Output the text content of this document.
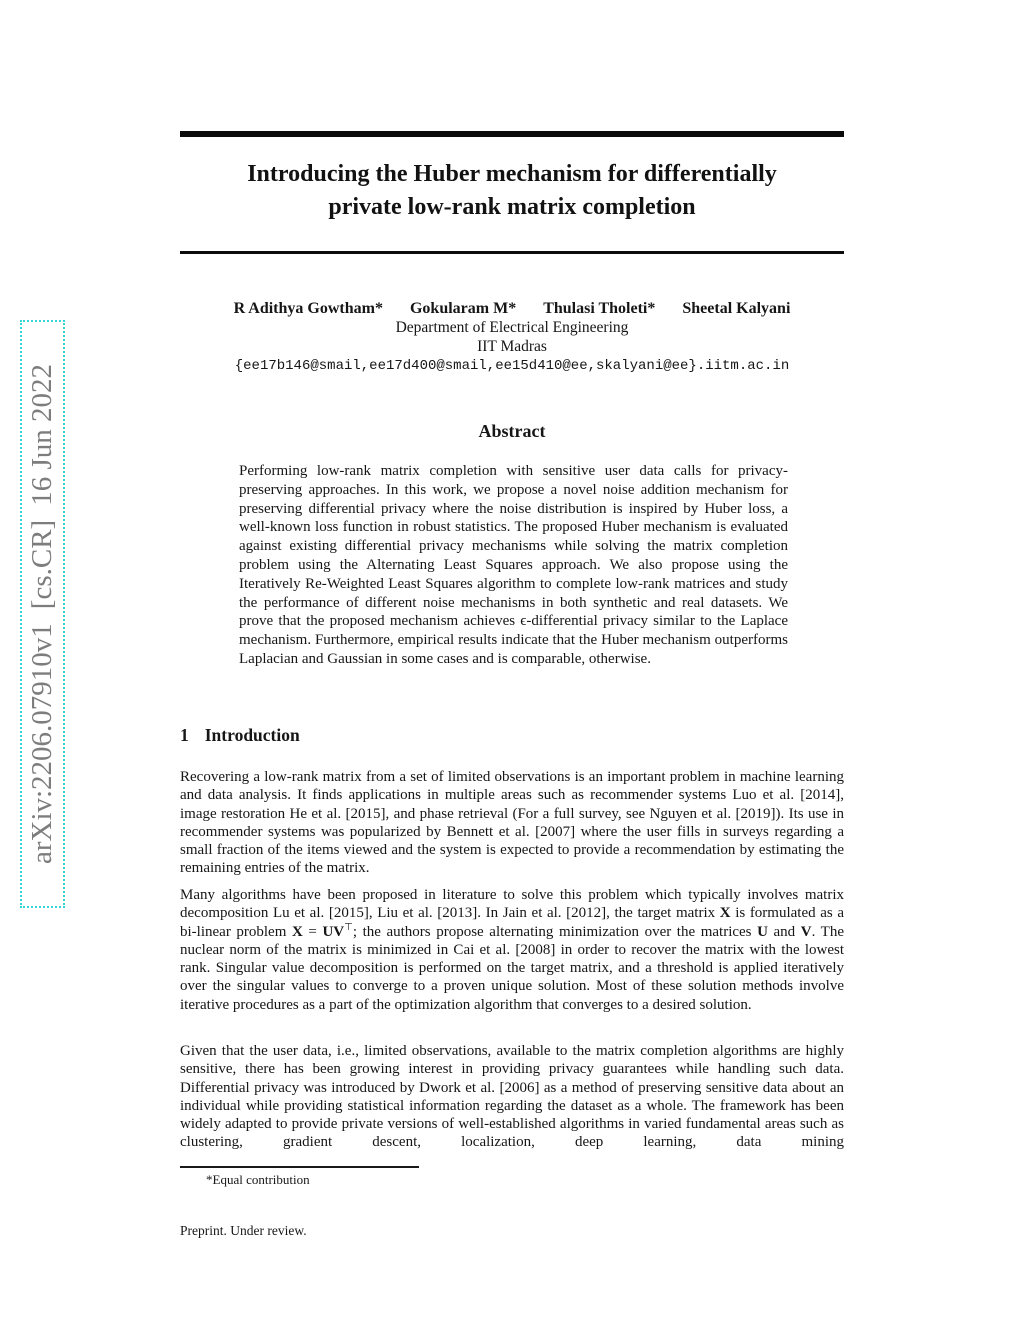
arXiv:2206.07910v1
[cs.CR]
16 Jun 2022
Introducing the Huber mechanism for differentially
private low-rank matrix completion
R Adithya Gowtham* Gokularam M* Thulasi Tholeti* Sheetal Kalyani
Department of Electrical Engineering
IIT Madras
{ee17b146@smail,ee17d400@smail,ee15d410@ee,skalyani@ee}.iitm.ac.in
Abstract

Performing low-rank matrix completion with sensitive user data calls for privacy-preserving approaches. In this work, we propose a novel noise addition mechanism for preserving differential privacy where the noise distribution is inspired by Huber loss, a well-known loss function in robust statistics. The proposed Huber mechanism is evaluated against existing differential privacy mechanisms while solving the matrix completion problem using the Alternating Least Squares approach. We also propose using the Iteratively Re-Weighted Least Squares algorithm to complete low-rank matrices and study the performance of different noise mechanisms in both synthetic and real datasets. We prove that the proposed mechanism achieves ϵ-differential privacy similar to the Laplace mechanism. Furthermore, empirical results indicate that the Huber mechanism outperforms Laplacian and Gaussian in some cases and is comparable, otherwise.

1 Introduction

Recovering a low-rank matrix from a set of limited observations is an important problem in machine learning and data analysis. It finds applications in multiple areas such as recommender systems Luo et al. [2014], image restoration He et al. [2015], and phase retrieval (For a full survey, see Nguyen et al. [2019]). Its use in recommender systems was popularized by Bennett et al. [2007] where the user fills in surveys regarding a small fraction of the items viewed and the system is expected to provide a recommendation by estimating the remaining entries of the matrix.

Many algorithms have been proposed in literature to solve this problem which typically involves matrix decomposition Lu et al. [2015], Liu et al. [2013]. In Jain et al. [2012], the target matrix X is formulated as a bi-linear problem X = UV⊤; the authors propose alternating minimization over the matrices U and V. The nuclear norm of the matrix is minimized in Cai et al. [2008] in order to recover the matrix with the lowest rank. Singular value decomposition is performed on the target matrix, and a threshold is applied iteratively over the singular values to converge to a proven unique solution. Most of these solution methods involve iterative procedures as a part of the optimization algorithm that converges to a desired solution.

Given that the user data, i.e., limited observations, available to the matrix completion algorithms are highly sensitive, there has been growing interest in providing privacy guarantees while handling such data. Differential privacy was introduced by Dwork et al. [2006] as a method of preserving sensitive data about an individual while providing statistical information regarding the dataset as a whole. The framework has been widely adapted to provide private versions of well-established algorithms in varied fundamental areas such as clustering, gradient descent, localization, deep learning, data mining

*Equal contribution

Preprint. Under review.
